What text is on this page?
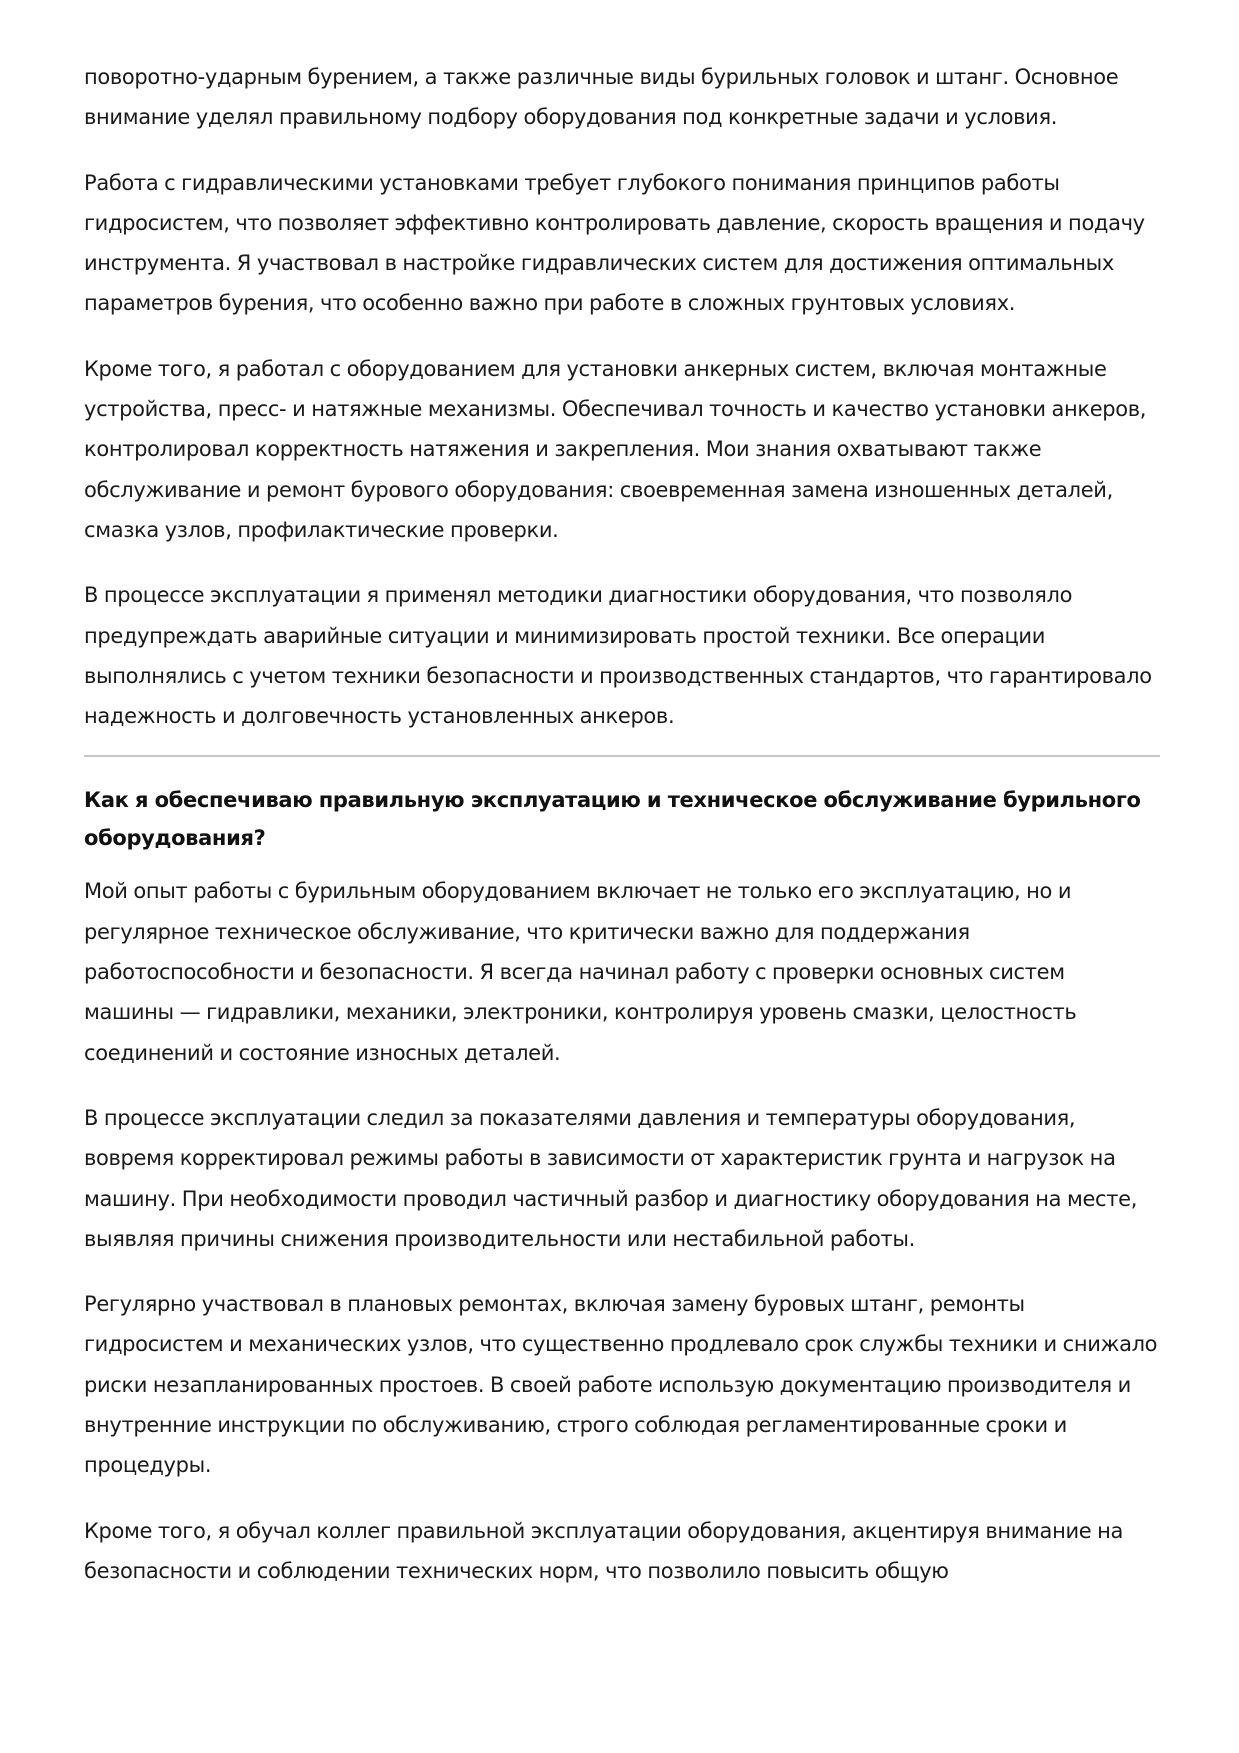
поворотно-ударным бурением, а также различные виды бурильных головок и штанг. Основное внимание уделял правильному подбору оборудования под конкретные задачи и условия.

Работа с гидравлическими установками требует глубокого понимания принципов работы гидросистем, что позволяет эффективно контролировать давление, скорость вращения и подачу инструмента. Я участвовал в настройке гидравлических систем для достижения оптимальных параметров бурения, что особенно важно при работе в сложных грунтовых условиях.

Кроме того, я работал с оборудованием для установки анкерных систем, включая монтажные устройства, пресс- и натяжные механизмы. Обеспечивал точность и качество установки анкеров, контролировал корректность натяжения и закрепления. Мои знания охватывают также обслуживание и ремонт бурового оборудования: своевременная замена изношенных деталей, смазка узлов, профилактические проверки.

В процессе эксплуатации я применял методики диагностики оборудования, что позволяло предупреждать аварийные ситуации и минимизировать простой техники. Все операции выполнялись с учетом техники безопасности и производственных стандартов, что гарантировало надежность и долговечность установленных анкеров.

Как я обеспечиваю правильную эксплуатацию и техническое обслуживание бурильного оборудования?

Мой опыт работы с бурильным оборудованием включает не только его эксплуатацию, но и регулярное техническое обслуживание, что критически важно для поддержания работоспособности и безопасности. Я всегда начинал работу с проверки основных систем машины — гидравлики, механики, электроники, контролируя уровень смазки, целостность соединений и состояние износных деталей.

В процессе эксплуатации следил за показателями давления и температуры оборудования, вовремя корректировал режимы работы в зависимости от характеристик грунта и нагрузок на машину. При необходимости проводил частичный разбор и диагностику оборудования на месте, выявляя причины снижения производительности или нестабильной работы.

Регулярно участвовал в плановых ремонтах, включая замену буровых штанг, ремонты гидросистем и механических узлов, что существенно продлевало срок службы техники и снижало риски незапланированных простоев. В своей работе использую документацию производителя и внутренние инструкции по обслуживанию, строго соблюдая регламентированные сроки и процедуры.

Кроме того, я обучал коллег правильной эксплуатации оборудования, акцентируя внимание на безопасности и соблюдении технических норм, что позволило повысить общую
